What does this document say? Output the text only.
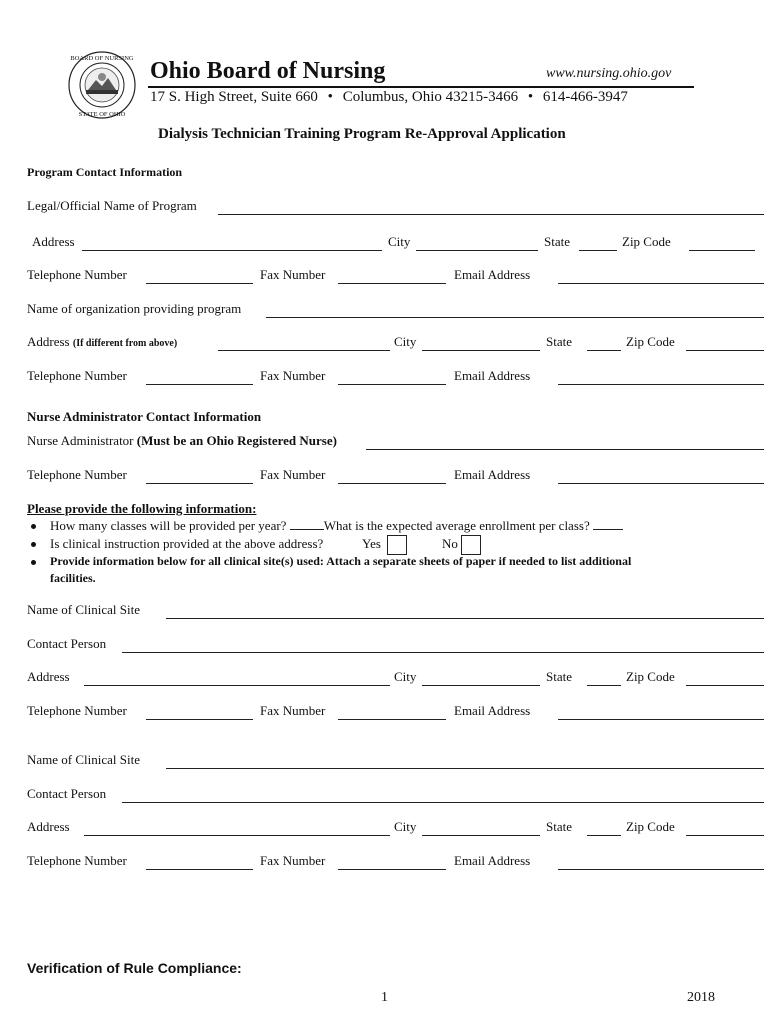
BOARD OF NURSING
STATE OF OHIO
Ohio Board of Nursing	www.nursing.ohio.gov
17 S. High Street, Suite 660 • Columbus, Ohio 43215-3466 • 614-466-3947
Dialysis Technician Training Program Re-Approval Application
Program Contact Information
Legal/Official Name of Program
Address	City	State	Zip Code
Telephone Number	Fax Number	Email Address
Name of organization providing program
Address (If different from above)	City	State	Zip Code
Telephone Number	Fax Number	Email Address
Nurse Administrator Contact Information
Nurse Administrator (Must be an Ohio Registered Nurse)
Telephone Number	Fax Number	Email Address
Please provide the following information:
How many classes will be provided per year?	What is the expected average enrollment per class?
Is clinical instruction provided at the above address?	Yes	No
Provide information below for all clinical site(s) used: Attach a separate sheets of paper if needed to list additional
facilities.
Name of Clinical Site
Contact Person
Address	City	State	Zip Code
Telephone Number	Fax Number	Email Address
Name of Clinical Site
Contact Person
Address	City	State	Zip Code
Telephone Number	Fax Number	Email Address
Verification of Rule Compliance:
1	2018
